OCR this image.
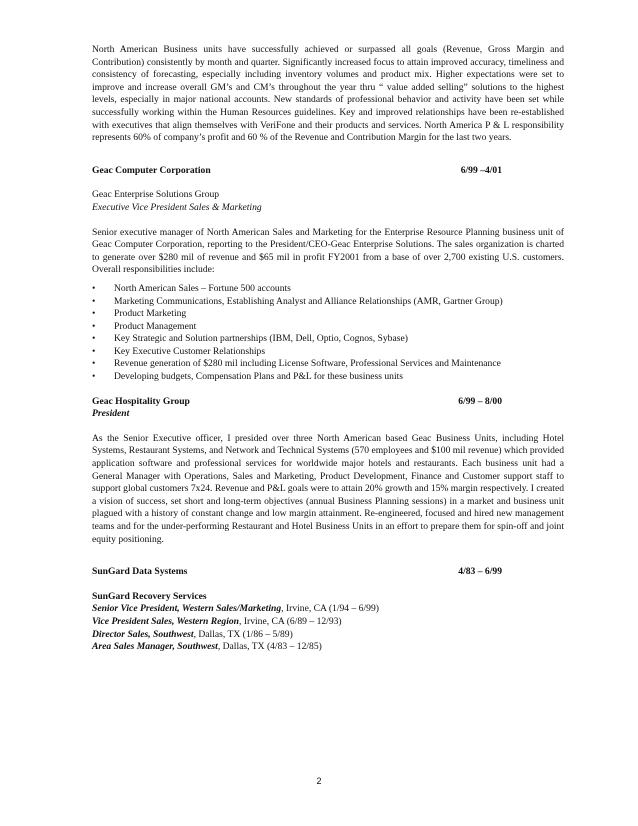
North American Business units have successfully achieved or surpassed all goals (Revenue, Gross Margin and Contribution) consistently by month and quarter. Significantly increased focus to attain improved accuracy, timeliness and consistency of forecasting, especially including inventory volumes and product mix. Higher expectations were set to improve and increase overall GM’s and CM’s throughout the year thru “ value added selling” solutions to the highest levels, especially in major national accounts. New standards of professional behavior and activity have been set while successfully working within the Human Resources guidelines. Key and improved relationships have been re-established with executives that align themselves with VeriFone and their products and services. North America P & L responsibility represents 60% of company’s profit and 60 % of the Revenue and Contribution Margin for the last two years.

Geac Computer Corporation	6/99 –4/01
Geac Enterprise Solutions Group
Executive Vice President Sales & Marketing

Senior executive manager of North American Sales and Marketing for the Enterprise Resource Planning business unit of Geac Computer Corporation, reporting to the President/CEO-Geac Enterprise Solutions. The sales organization is charted to generate over $280 mil of revenue and $65 mil in profit FY2001 from a base of over 2,700 existing U.S. customers. Overall responsibilities include:

•	North American Sales – Fortune 500 accounts
•	Marketing Communications, Establishing Analyst and Alliance Relationships (AMR, Gartner Group)
•	Product Marketing
•	Product Management
•	Key Strategic and Solution partnerships (IBM, Dell, Optio, Cognos, Sybase)
•	Key Executive Customer Relationships
•	Revenue generation of $280 mil including License Software, Professional Services and Maintenance
•	Developing budgets, Compensation Plans and P&L for these business units
Geac Hospitality Group	6/99 – 8/00
President

As the Senior Executive officer, I presided over three North American based Geac Business Units, including Hotel Systems, Restaurant Systems, and Network and Technical Systems (570 employees and $100 mil revenue) which provided application software and professional services for worldwide major hotels and restaurants. Each business unit had a General Manager with Operations, Sales and Marketing, Product Development, Finance and Customer support staff to support global customers 7x24. Revenue and P&L goals were to attain 20% growth and 15% margin respectively. I created a vision of success, set short and long-term objectives (annual Business Planning sessions) in a market and business unit plagued with a history of constant change and low margin attainment. Re-engineered, focused and hired new management teams and for the under-performing Restaurant and Hotel Business Units in an effort to prepare them for spin-off and joint equity positioning.

SunGard Data Systems	4/83 – 6/99
SunGard Recovery Services
Senior Vice President, Western Sales/Marketing, Irvine, CA (1/94 – 6/99)
Vice President Sales, Western Region, Irvine, CA (6/89 – 12/93)
Director Sales, Southwest, Dallas, TX (1/86 – 5/89)
Area Sales Manager, Southwest, Dallas, TX (4/83 – 12/85)
2
